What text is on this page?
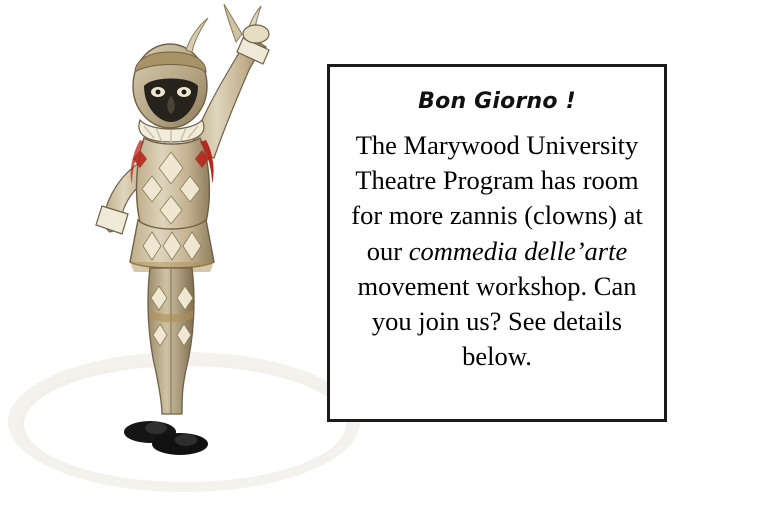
Bon Giorno !
The Marywood University Theatre Program has room for more zannis (clowns) at our commedia delle’arte movement workshop. Can you join us? See details below.
